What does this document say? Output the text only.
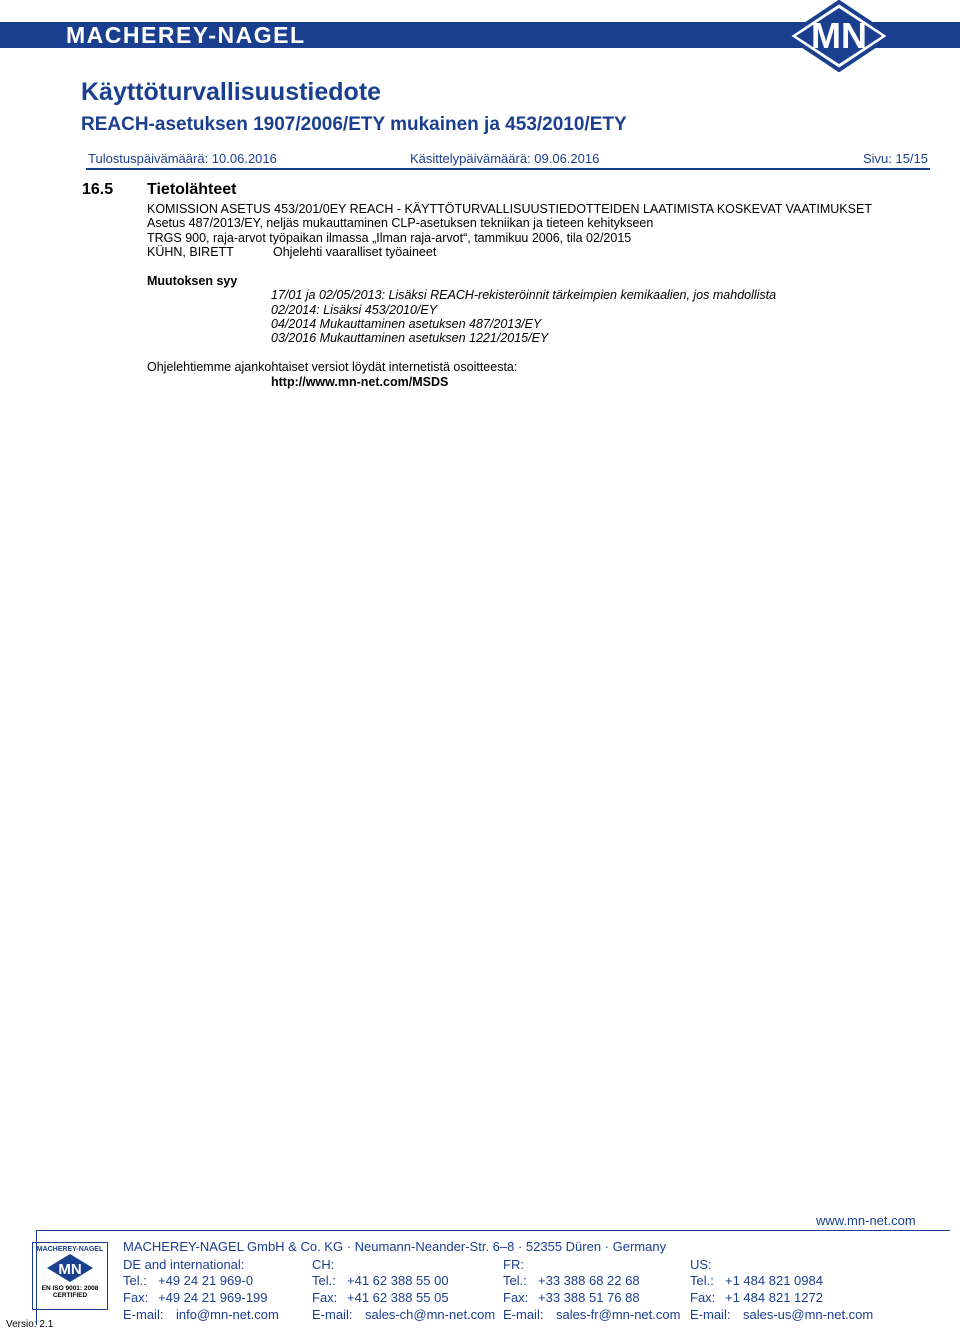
MACHEREY-NAGEL	MN
Käyttöturvallisuustiedote
REACH-asetuksen 1907/2006/ETY mukainen ja 453/2010/ETY
Tulostuspäivämäärä: 10.06.2016	Käsittelypäivämäärä: 09.06.2016	Sivu: 15/15
16.5 Tietolähteet
KOMISSION ASETUS 453/201/0EY REACH - KÄYTTÖTURVALLISUUSTIEDOTTEIDEN LAATIMISTA KOSKEVAT VAATIMUKSET
Asetus 487/2013/EY, neljäs mukauttaminen CLP-asetuksen tekniikan ja tieteen kehitykseen
TRGS 900, raja-arvot työpaikan ilmassa „Ilman raja-arvot“, tammikuu 2006, tila 02/2015
KÜHN, BIRETT	Ohjelehti vaaralliset työaineet
Muutoksen syy
17/01 ja 02/05/2013: Lisäksi REACH-rekisteröinnit tärkeimpien kemikaalien, jos mahdollista
02/2014: Lisäksi 453/2010/EY
04/2014 Mukauttaminen asetuksen 487/2013/EY
03/2016 Mukauttaminen asetuksen 1221/2015/EY
Ohjelehtiemme ajankohtaiset versiot löydät internetistä osoitteesta:
http://www.mn-net.com/MSDS
www.mn-net.com
MACHEREY-NAGEL
MN
EN ISO 9001: 2008
CERTIFIED
Versio: 2.1
MACHEREY-NAGEL GmbH & Co. KG · Neumann-Neander-Str. 6–8 · 52355 Düren · Germany
DE and international:
Tel.: +49 24 21 969-0
Fax: +49 24 21 969-199
E-mail: info@mn-net.com
CH:
Tel.: +41 62 388 55 00
Fax: +41 62 388 55 05
E-mail: sales-ch@mn-net.com
FR:
Tel.: +33 388 68 22 68
Fax: +33 388 51 76 88
E-mail: sales-fr@mn-net.com
US:
Tel.: +1 484 821 0984
Fax: +1 484 821 1272
E-mail: sales-us@mn-net.com
